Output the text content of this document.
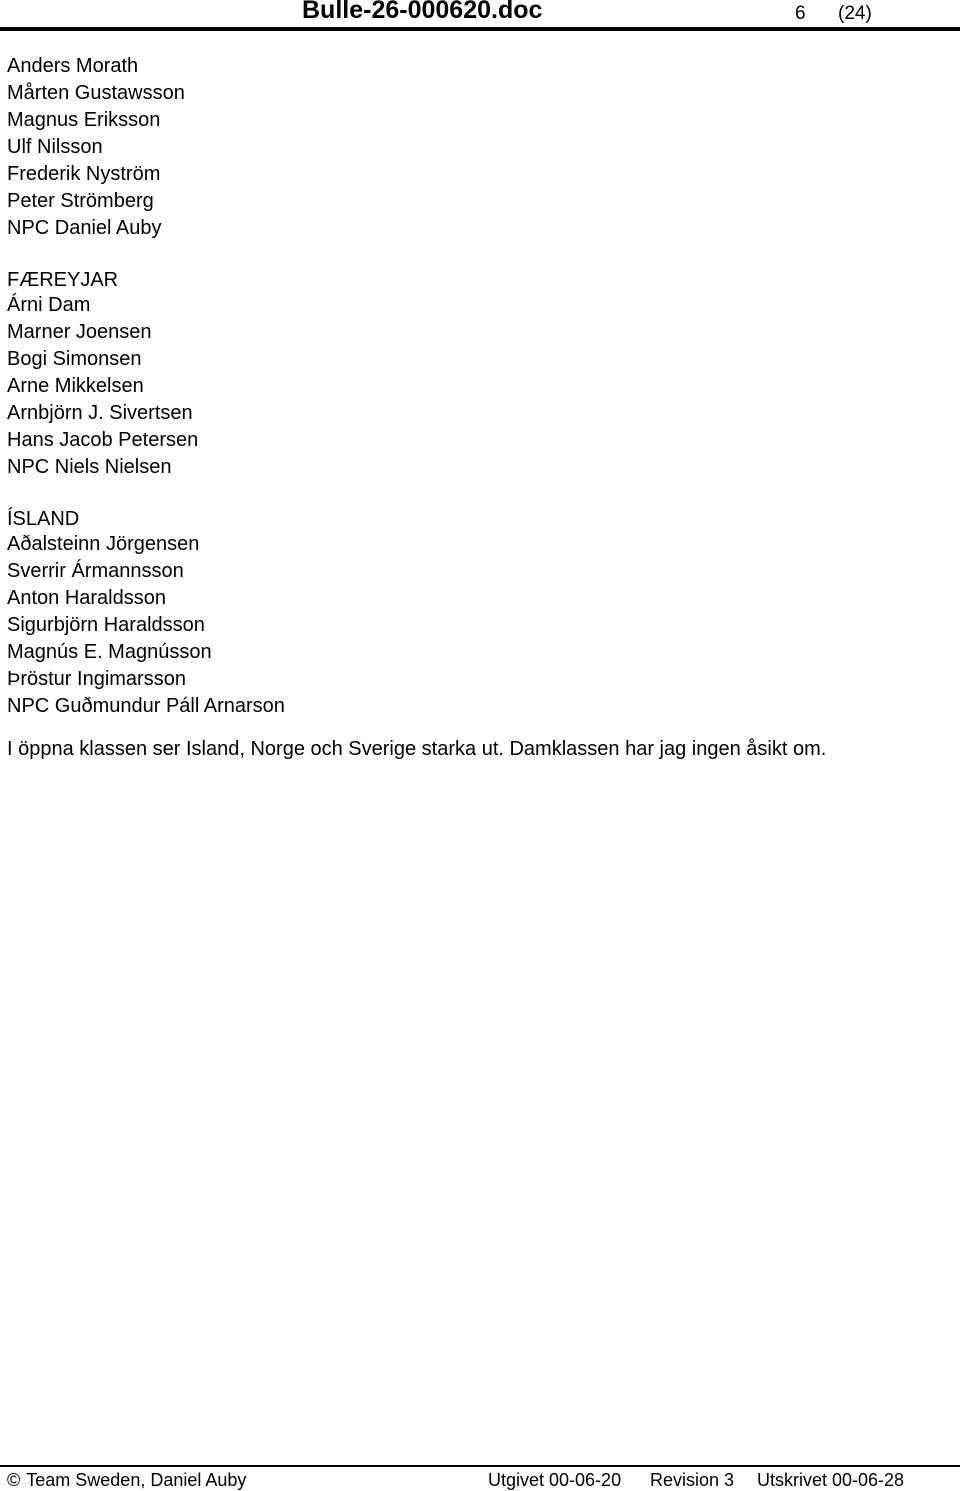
Bulle-26-000620.doc	6 (24)
Anders Morath
Mårten Gustawsson
Magnus Eriksson
Ulf Nilsson
Frederik Nyström
Peter Strömberg
NPC Daniel Auby
FÆREYJAR
Árni Dam
Marner Joensen
Bogi Simonsen
Arne Mikkelsen
Arnbjörn J. Sivertsen
Hans Jacob Petersen
NPC Niels Nielsen
ÍSLAND
Aðalsteinn Jörgensen
Sverrir Ármannsson
Anton Haraldsson
Sigurbjörn Haraldsson
Magnús E. Magnússon
Þröstur Ingimarsson
NPC Guðmundur Páll Arnarson
I öppna klassen ser Island, Norge och Sverige starka ut. Damklassen har jag ingen åsikt om.
© Team Sweden, Daniel Auby	Utgivet 00-06-20 Revision 3 Utskrivet 00-06-28
